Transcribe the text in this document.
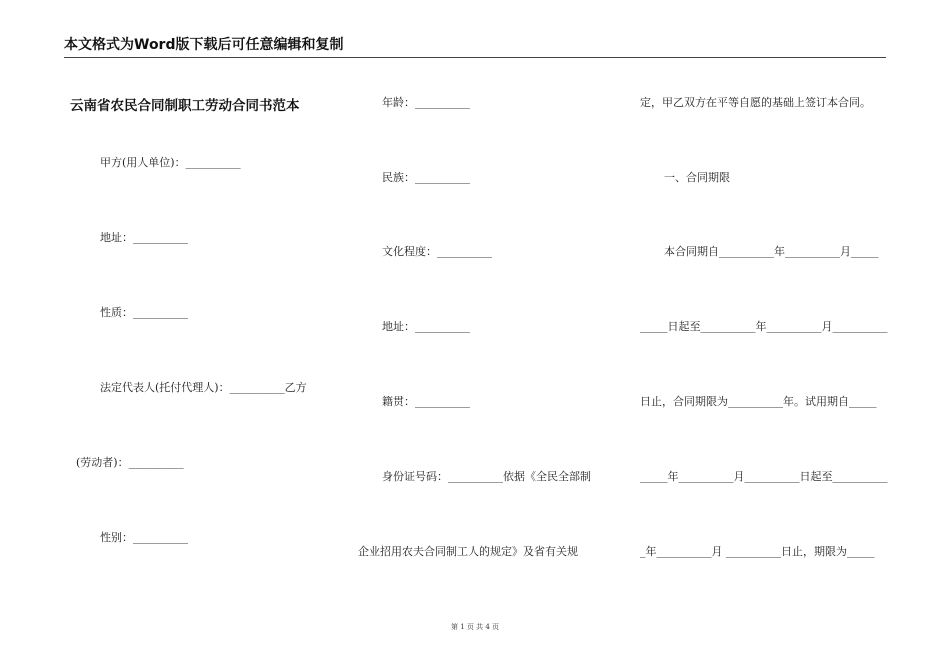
本文格式为Word版下载后可任意编辑和复制
云南省农民合同制职工劳动合同书范本
甲方(用人单位)：__________
地址：__________
性质：__________
法定代表人(托付代理人)：__________乙方
(劳动者)：__________
性别：__________
年龄：__________
民族：__________
文化程度：__________
地址：__________
籍贯：__________
身份证号码：__________依据《全民全部制
企业招用农夫合同制工人的规定》及省有关规
定，甲乙双方在平等自愿的基础上签订本合同。
一、合同期限
本合同期自__________年__________月_____
_____日起至__________年__________月__________
日止，合同期限为__________年。试用期自_____
_____年__________月__________日起至__________
_年__________月 __________日止，期限为_____
第 1 页 共 4 页
